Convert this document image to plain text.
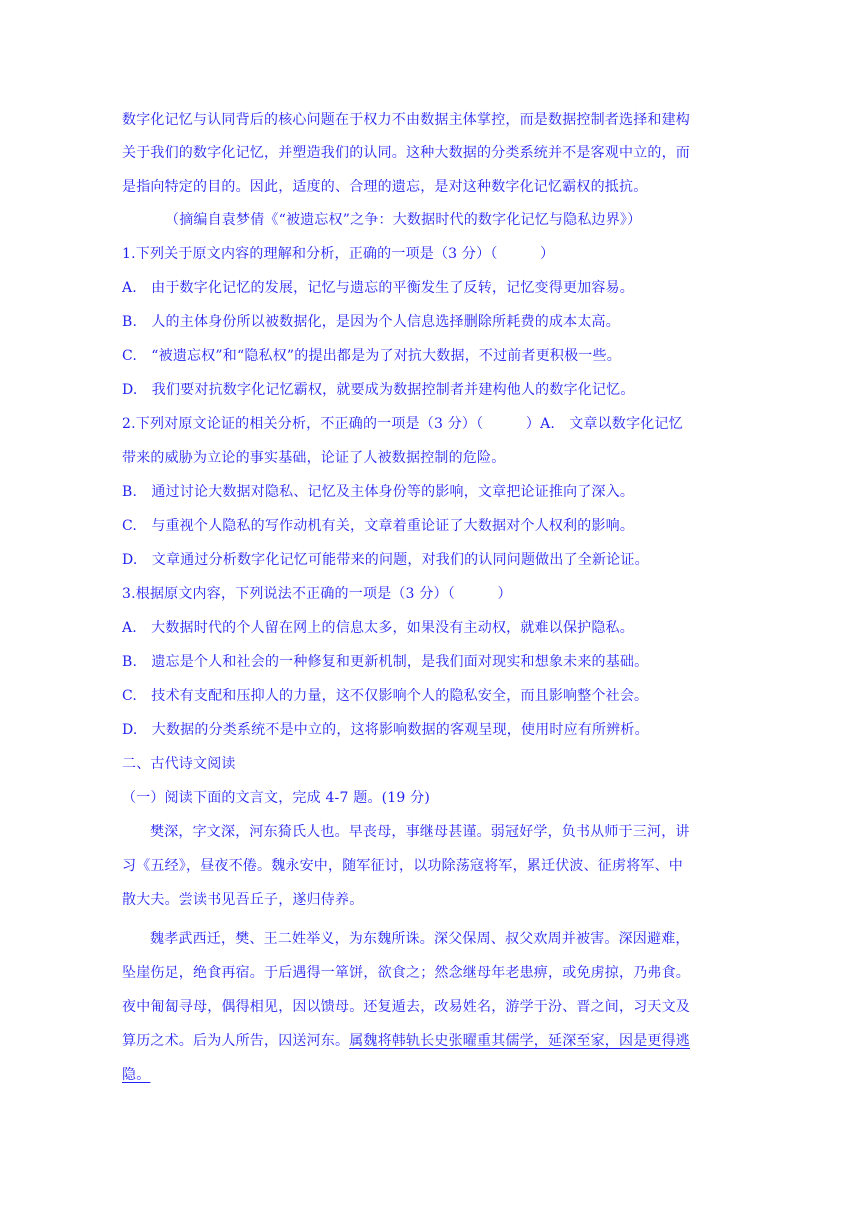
数字化记忆与认同背后的核心问题在于权力不由数据主体掌控，而是数据控制者选择和建构
关于我们的数字化记忆，并塑造我们的认同。这种大数据的分类系统并不是客观中立的，而
是指向特定的目的。因此，适度的、合理的遗忘，是对这种数字化记忆霸权的抵抗。
（摘编自袁梦倩《“被遗忘权”之争：大数据时代的数字化记忆与隐私边界》）
1.下列关于原文内容的理解和分析，正确的一项是（3 分）（　　　）
A.　由于数字化记忆的发展，记忆与遗忘的平衡发生了反转，记忆变得更加容易。
B.　人的主体身份所以被数据化，是因为个人信息选择删除所耗费的成本太高。
C.　“被遗忘权”和“隐私权”的提出都是为了对抗大数据，不过前者更积极一些。
D.　我们要对抗数字化记忆霸权，就要成为数据控制者并建构他人的数字化记忆。
2.下列对原文论证的相关分析，不正确的一项是（3 分）（　　　）A.　文章以数字化记忆
带来的威胁为立论的事实基础，论证了人被数据控制的危险。
B.　通过讨论大数据对隐私、记忆及主体身份等的影响，文章把论证推向了深入。
C.　与重视个人隐私的写作动机有关，文章着重论证了大数据对个人权利的影响。
D.　文章通过分析数字化记忆可能带来的问题，对我们的认同问题做出了全新论证。
3.根据原文内容，下列说法不正确的一项是（3 分）（　　　）
A.　大数据时代的个人留在网上的信息太多，如果没有主动权，就难以保护隐私。
B.　遗忘是个人和社会的一种修复和更新机制，是我们面对现实和想象未来的基础。
C.　技术有支配和压抑人的力量，这不仅影响个人的隐私安全，而且影响整个社会。
D.　大数据的分类系统不是中立的，这将影响数据的客观呈现，使用时应有所辨析。
二、古代诗文阅读
（一）阅读下面的文言文，完成 4-7 题。(19 分)
樊深，字文深，河东猗氏人也。早丧母，事继母甚谨。弱冠好学，负书从师于三河，讲
习《五经》，昼夜不倦。魏永安中，随军征讨，以功除荡寇将军，累迁伏波、征虏将军、中
散大夫。尝读书见吾丘子，遂归侍养。
魏孝武西迁，樊、王二姓举义，为东魏所诛。深父保周、叔父欢周并被害。深因避难，
坠崖伤足，绝食再宿。于后遇得一箪饼，欲食之；然念继母年老患痹，或免虏掠，乃弗食。
夜中匍匐寻母，偶得相见，因以馈母。还复遁去，改易姓名，游学于汾、晋之间，习天文及
算历之术。后为人所告，囚送河东。属魏将韩轨长史张曜重其儒学，延深至家，因是更得逃
隐。
